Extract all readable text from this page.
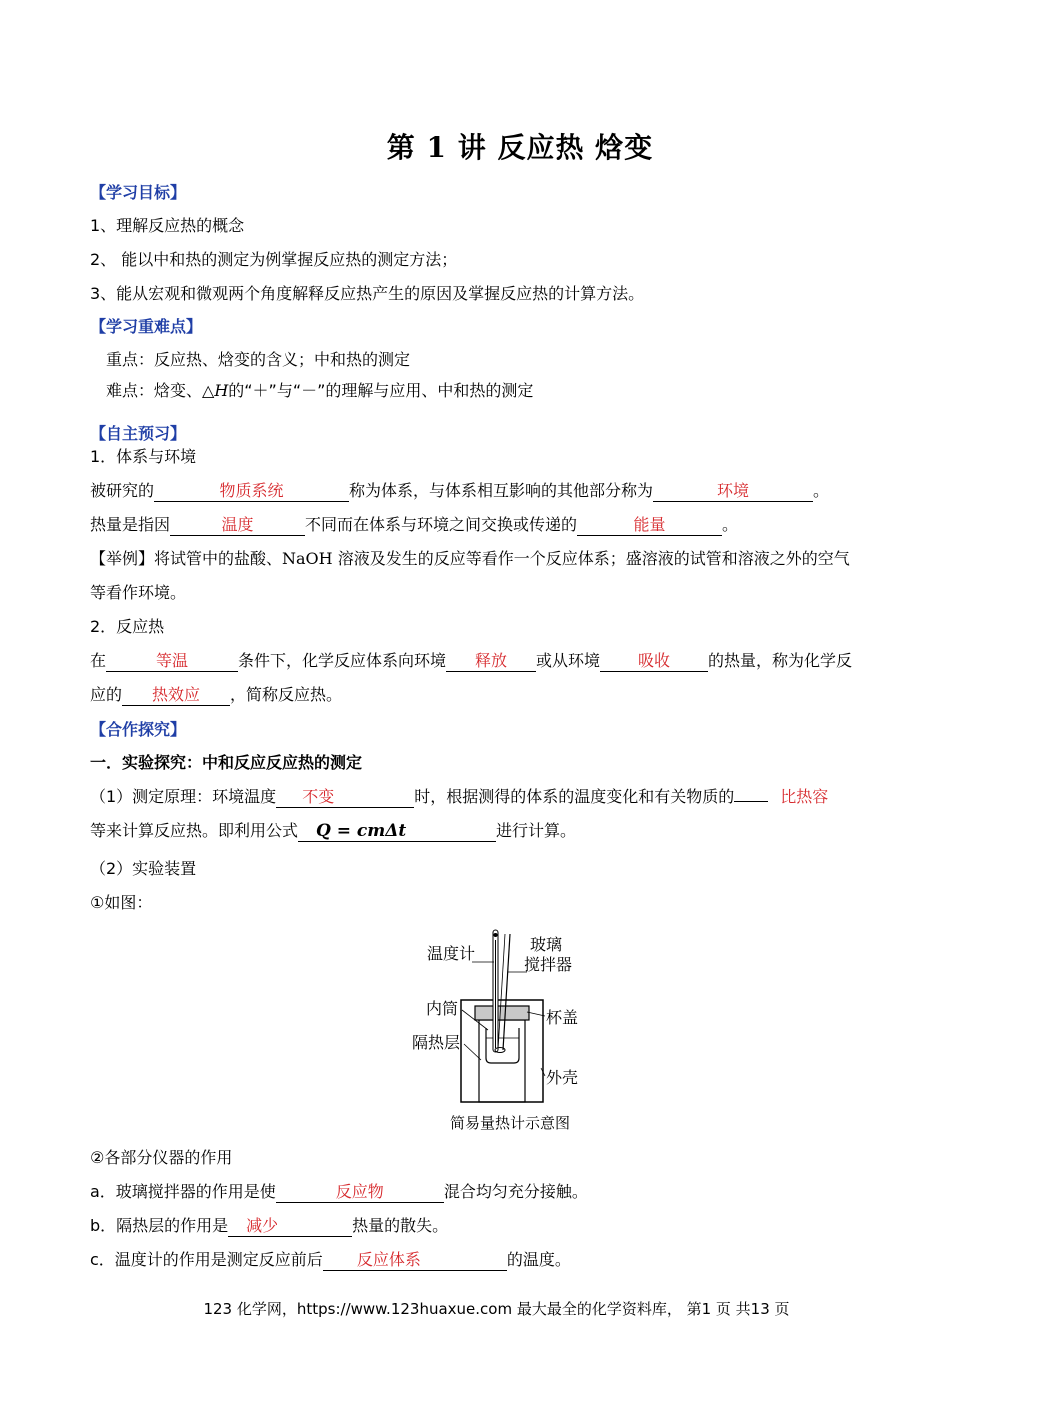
第 1 讲 反应热 焓变
【学习目标】
1、理解反应热的概念
2、 能以中和热的测定为例掌握反应热的测定方法；
3、能从宏观和微观两个角度解释反应热产生的原因及掌握反应热的计算方法。
【学习重难点】
重点：反应热、焓变的含义；中和热的测定
难点：焓变、△H的“＋”与“－”的理解与应用、中和热的测定
【自主预习】
1．体系与环境
被研究的	物质系统	称为体系，与体系相互影响的其他部分称为	环境	。
热量是指因	温度	不同而在体系与环境之间交换或传递的	能量	。
【举例】将试管中的盐酸、NaOH 溶液及发生的反应等看作一个反应体系；盛溶液的试管和溶液之外的空气
等看作环境。
2．反应热
在	等温	条件下，化学反应体系向环境 释放 或从环境 吸收 的热量，称为化学反
应的 热效应 ，简称反应热。
【合作探究】
一．实验探究：中和反应反应热的测定
（1）测定原理：环境温度 不变	时，根据测得的体系的温度变化和有关物质的	比热容
等来计算反应热。即利用公式 Q = cmΔt	进行计算。
（2）实验装置
①如图：
温度计	玻璃
搅拌器
内筒	杯盖
隔热层
外壳
简易量热计示意图
②各部分仪器的作用
a．玻璃搅拌器的作用是使	反应物	混合均匀充分接触。
b．隔热层的作用是 减少	热量的散失。
c．温度计的作用是测定反应前后 反应体系	的温度。
123 化学网，https://www.123huaxue.com 最大最全的化学资料库， 第1 页 共13 页
